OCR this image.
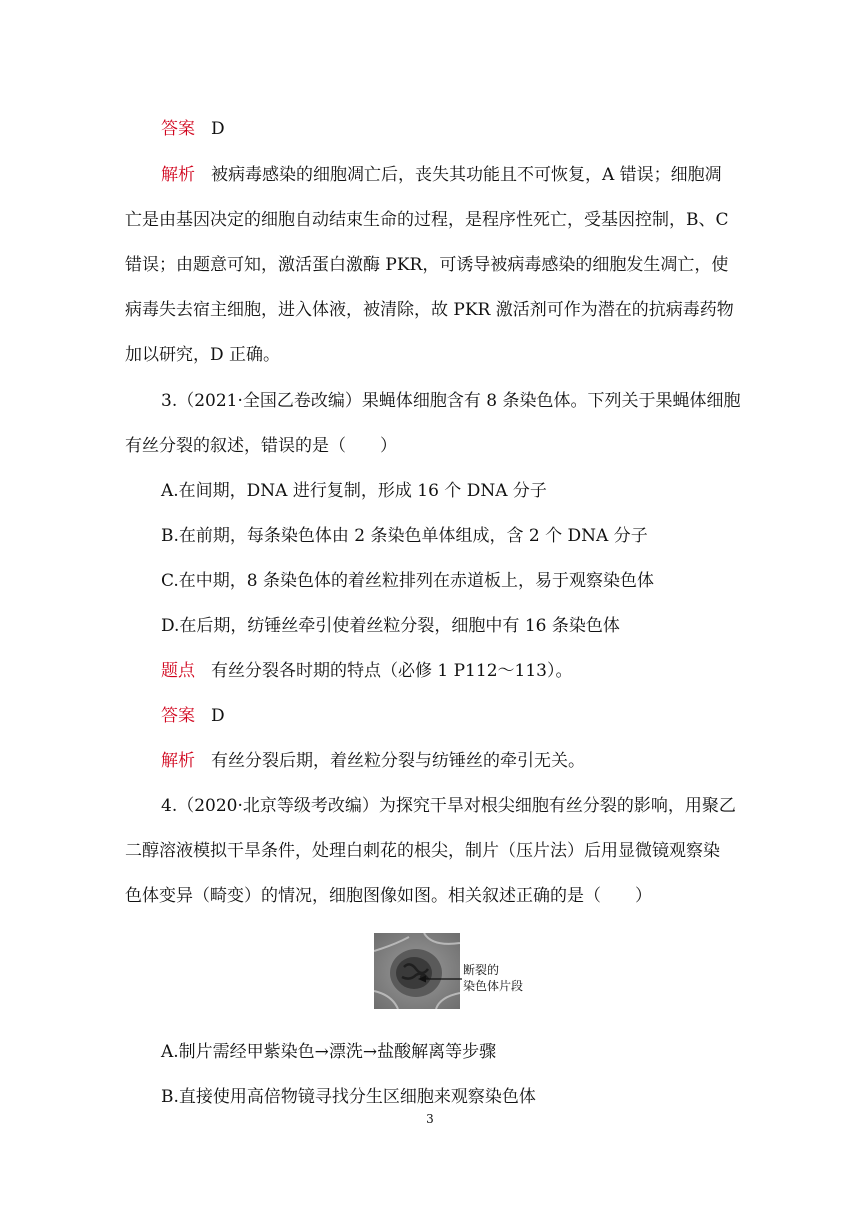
答案 D
解析 被病毒感染的细胞凋亡后，丧失其功能且不可恢复，A 错误；细胞凋
亡是由基因决定的细胞自动结束生命的过程，是程序性死亡，受基因控制，B、C
错误；由题意可知，激活蛋白激酶 PKR，可诱导被病毒感染的细胞发生凋亡，使
病毒失去宿主细胞，进入体液，被清除，故 PKR 激活剂可作为潜在的抗病毒药物
加以研究，D 正确。
3.（2021·全国乙卷改编）果蝇体细胞含有 8 条染色体。下列关于果蝇体细胞
有丝分裂的叙述，错误的是（　　）
A.在间期，DNA 进行复制，形成 16 个 DNA 分子
B.在前期，每条染色体由 2 条染色单体组成，含 2 个 DNA 分子
C.在中期，8 条染色体的着丝粒排列在赤道板上，易于观察染色体
D.在后期，纺锤丝牵引使着丝粒分裂，细胞中有 16 条染色体
题点 有丝分裂各时期的特点（必修 1 P112～113）。
答案 D
解析 有丝分裂后期，着丝粒分裂与纺锤丝的牵引无关。
4.（2020·北京等级考改编）为探究干旱对根尖细胞有丝分裂的影响，用聚乙
二醇溶液模拟干旱条件，处理白刺花的根尖，制片（压片法）后用显微镜观察染
色体变异（畸变）的情况，细胞图像如图。相关叙述正确的是（　　）
断裂的
染色体片段
A.制片需经甲紫染色→漂洗→盐酸解离等步骤
B.直接使用高倍物镜寻找分生区细胞来观察染色体
3
